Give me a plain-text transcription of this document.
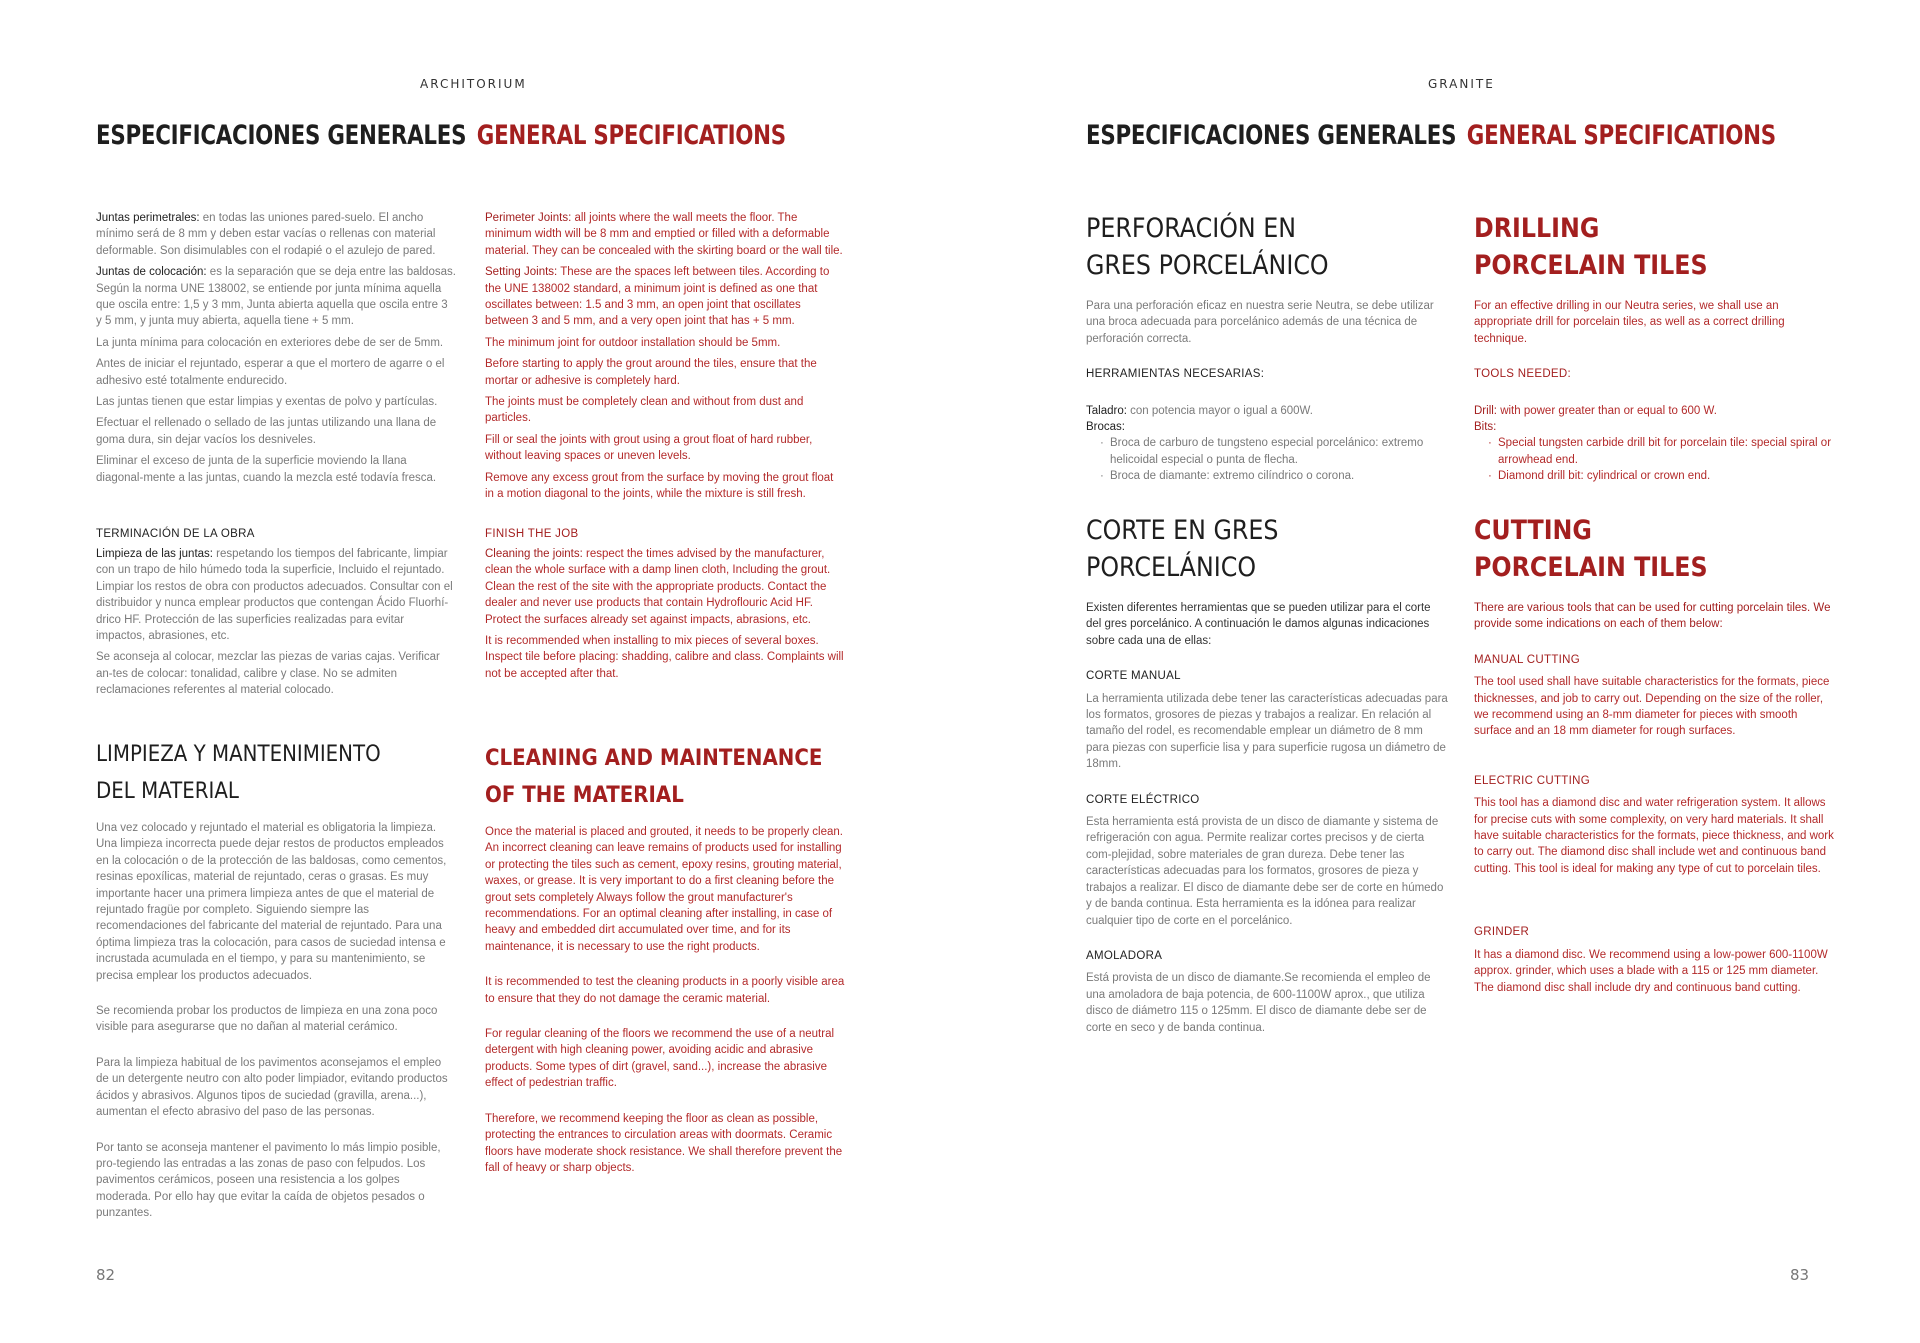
ARCHITORIUM
ESPECIFICACIONES GENERALES GENERAL SPECIFICATIONS

Juntas perimetrales: en todas las uniones pared-suelo. El ancho mínimo será de 8 mm y deben estar vacías o rellenas con material deformable. Son disimulables con el rodapié o el azulejo de pared.

Juntas de colocación: es la separación que se deja entre las baldosas. Según la norma UNE 138002, se entiende por junta mínima aquella que oscila entre: 1,5 y 3 mm, Junta abierta aquella que oscila entre 3 y 5 mm, y junta muy abierta, aquella tiene + 5 mm.

La junta mínima para colocación en exteriores debe de ser de 5mm.

Antes de iniciar el rejuntado, esperar a que el mortero de agarre o el adhesivo esté totalmente endurecido.

Las juntas tienen que estar limpias y exentas de polvo y partículas.

Efectuar el rellenado o sellado de las juntas utilizando una llana de goma dura, sin dejar vacíos los desniveles.

Eliminar el exceso de junta de la superficie moviendo la llana diagonal-mente a las juntas, cuando la mezcla esté todavía fresca.

Perimeter Joints: all joints where the wall meets the floor. The minimum width will be 8 mm and emptied or filled with a deformable material. They can be concealed with the skirting board or the wall tile.

Setting Joints: These are the spaces left between tiles. According to the UNE 138002 standard, a minimum joint is defined as one that oscillates between: 1.5 and 3 mm, an open joint that oscillates between 3 and 5 mm, and a very open joint that has + 5 mm.

The minimum joint for outdoor installation should be 5mm.

Before starting to apply the grout around the tiles, ensure that the mortar or adhesive is completely hard.

The joints must be completely clean and without from dust and particles.

Fill or seal the joints with grout using a grout float of hard rubber, without leaving spaces or uneven levels.

Remove any excess grout from the surface by moving the grout float in a motion diagonal to the joints, while the mixture is still fresh.

TERMINACIÓN DE LA OBRA

Limpieza de las juntas: respetando los tiempos del fabricante, limpiar con un trapo de hilo húmedo toda la superficie, Incluido el rejuntado. Limpiar los restos de obra con productos adecuados. Consultar con el distribuidor y nunca emplear productos que contengan Ácido Fluorhí-drico HF. Protección de las superficies realizadas para evitar impactos, abrasiones, etc.

Se aconseja al colocar, mezclar las piezas de varias cajas. Verificar an-tes de colocar: tonalidad, calibre y clase. No se admiten reclamaciones referentes al material colocado.

FINISH THE JOB

Cleaning the joints: respect the times advised by the manufacturer, clean the whole surface with a damp linen cloth, Including the grout. Clean the rest of the site with the appropriate products. Contact the dealer and never use products that contain Hydroflouric Acid HF. Protect the surfaces already set against impacts, abrasions, etc.

It is recommended when installing to mix pieces of several boxes. Inspect tile before placing: shadding, calibre and class. Complaints will not be accepted after that.

LIMPIEZA Y MANTENIMIENTO
DEL MATERIAL

Una vez colocado y rejuntado el material es obligatoria la limpieza. Una limpieza incorrecta puede dejar restos de productos empleados en la colocación o de la protección de las baldosas, como cementos, resinas epoxílicas, material de rejuntado, ceras o grasas. Es muy importante hacer una primera limpieza antes de que el material de rejuntado fragüe por completo. Siguiendo siempre las recomendaciones del fabricante del material de rejuntado. Para una óptima limpieza tras la colocación, para casos de suciedad intensa e incrustada acumulada en el tiempo, y para su mantenimiento, se precisa emplear los productos adecuados.

Se recomienda probar los productos de limpieza en una zona poco visible para asegurarse que no dañan al material cerámico.

Para la limpieza habitual de los pavimentos aconsejamos el empleo de un detergente neutro con alto poder limpiador, evitando productos ácidos y abrasivos. Algunos tipos de suciedad (gravilla, arena...), aumentan el efecto abrasivo del paso de las personas.

Por tanto se aconseja mantener el pavimento lo más limpio posible, pro-tegiendo las entradas a las zonas de paso con felpudos. Los pavimentos cerámicos, poseen una resistencia a los golpes moderada. Por ello hay que evitar la caída de objetos pesados o punzantes.

CLEANING AND MAINTENANCE
OF THE MATERIAL

Once the material is placed and grouted, it needs to be properly clean. An incorrect cleaning can leave remains of products used for installing or protecting the tiles such as cement, epoxy resins, grouting material, waxes, or grease. It is very important to do a first cleaning before the grout sets completely Always follow the grout manufacturer's recommendations. For an optimal cleaning after installing, in case of heavy and embedded dirt accumulated over time, and for its maintenance, it is necessary to use the right products.

It is recommended to test the cleaning products in a poorly visible area to ensure that they do not damage the ceramic material.

For regular cleaning of the floors we recommend the use of a neutral detergent with high cleaning power, avoiding acidic and abrasive products. Some types of dirt (gravel, sand...), increase the abrasive effect of pedestrian traffic.

Therefore, we recommend keeping the floor as clean as possible, protecting the entrances to circulation areas with doormats. Ceramic floors have moderate shock resistance. We shall therefore prevent the fall of heavy or sharp objects.

82
GRANITE
ESPECIFICACIONES GENERALES GENERAL SPECIFICATIONS
PERFORACIÓN EN
GRES PORCELÁNICO

Para una perforación eficaz en nuestra serie Neutra, se debe utilizar una broca adecuada para porcelánico además de una técnica de perforación correcta.

HERRAMIENTAS NECESARIAS:

Taladro: con potencia mayor o igual a 600W.

Brocas:

· Broca de carburo de tungsteno especial porcelánico: extremo helicoidal especial o punta de flecha.
· Broca de diamante: extremo cilíndrico o corona.
DRILLING
PORCELAIN TILES

For an effective drilling in our Neutra series, we shall use an appropriate drill for porcelain tiles, as well as a correct drilling technique.

TOOLS NEEDED:

Drill: with power greater than or equal to 600 W.

Bits:

· Special tungsten carbide drill bit for porcelain tile: special spiral or arrowhead end.
· Diamond drill bit: cylindrical or crown end.
CORTE EN GRES
PORCELÁNICO

Existen diferentes herramientas que se pueden utilizar para el corte del gres porcelánico. A continuación le damos algunas indicaciones sobre cada una de ellas:

CORTE MANUAL

La herramienta utilizada debe tener las características adecuadas para los formatos, grosores de piezas y trabajos a realizar. En relación al tamaño del rodel, es recomendable emplear un diámetro de 8 mm para piezas con superficie lisa y para superficie rugosa un diámetro de 18mm.

CORTE ELÉCTRICO

Esta herramienta está provista de un disco de diamante y sistema de refrigeración con agua. Permite realizar cortes precisos y de cierta com-plejidad, sobre materiales de gran dureza. Debe tener las características adecuadas para los formatos, grosores de pieza y trabajos a realizar. El disco de diamante debe ser de corte en húmedo y de banda continua. Esta herramienta es la idónea para realizar cualquier tipo de corte en el porcelánico.

AMOLADORA

Está provista de un disco de diamante.Se recomienda el empleo de una amoladora de baja potencia, de 600-1100W aprox., que utiliza disco de diámetro 115 o 125mm. El disco de diamante debe ser de corte en seco y de banda continua.

CUTTING
PORCELAIN TILES

There are various tools that can be used for cutting porcelain tiles. We provide some indications on each of them below:

MANUAL CUTTING

The tool used shall have suitable characteristics for the formats, piece thicknesses, and job to carry out. Depending on the size of the roller, we recommend using an 8-mm diameter for pieces with smooth surface and an 18 mm diameter for rough surfaces.

ELECTRIC CUTTING

This tool has a diamond disc and water refrigeration system. It allows for precise cuts with some complexity, on very hard materials. It shall have suitable characteristics for the formats, piece thickness, and work to carry out. The diamond disc shall include wet and continuous band cutting. This tool is ideal for making any type of cut to porcelain tiles.

GRINDER

It has a diamond disc. We recommend using a low-power 600-1100W approx. grinder, which uses a blade with a 115 or 125 mm diameter. The diamond disc shall include dry and continuous band cutting.

83
